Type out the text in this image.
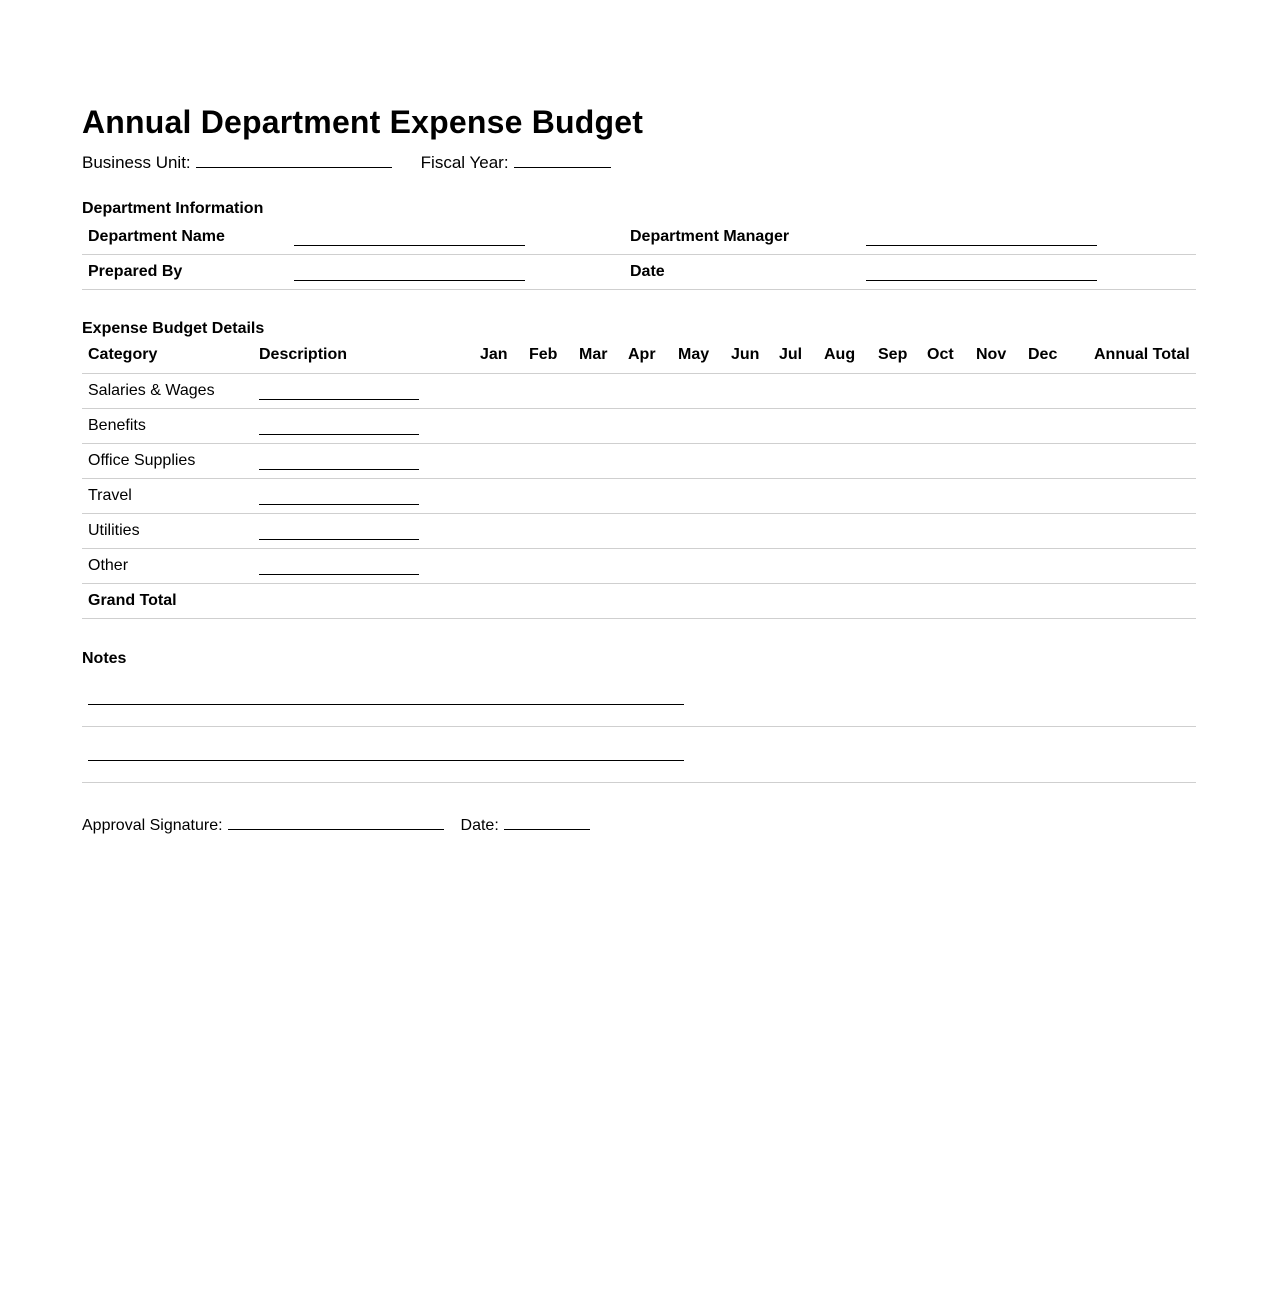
Annual Department Expense Budget
Business Unit:	Fiscal Year:
Department Information
Department Name	Department Manager
Prepared By	Date
Expense Budget Details
Category	Description	Jan Feb Mar Apr May Jun Jul Aug Sep Oct Nov Dec Annual Total
Salaries & Wages
Benefits
Office Supplies
Travel
Utilities
Other
Grand Total
Notes
Approval Signature:	Date:
